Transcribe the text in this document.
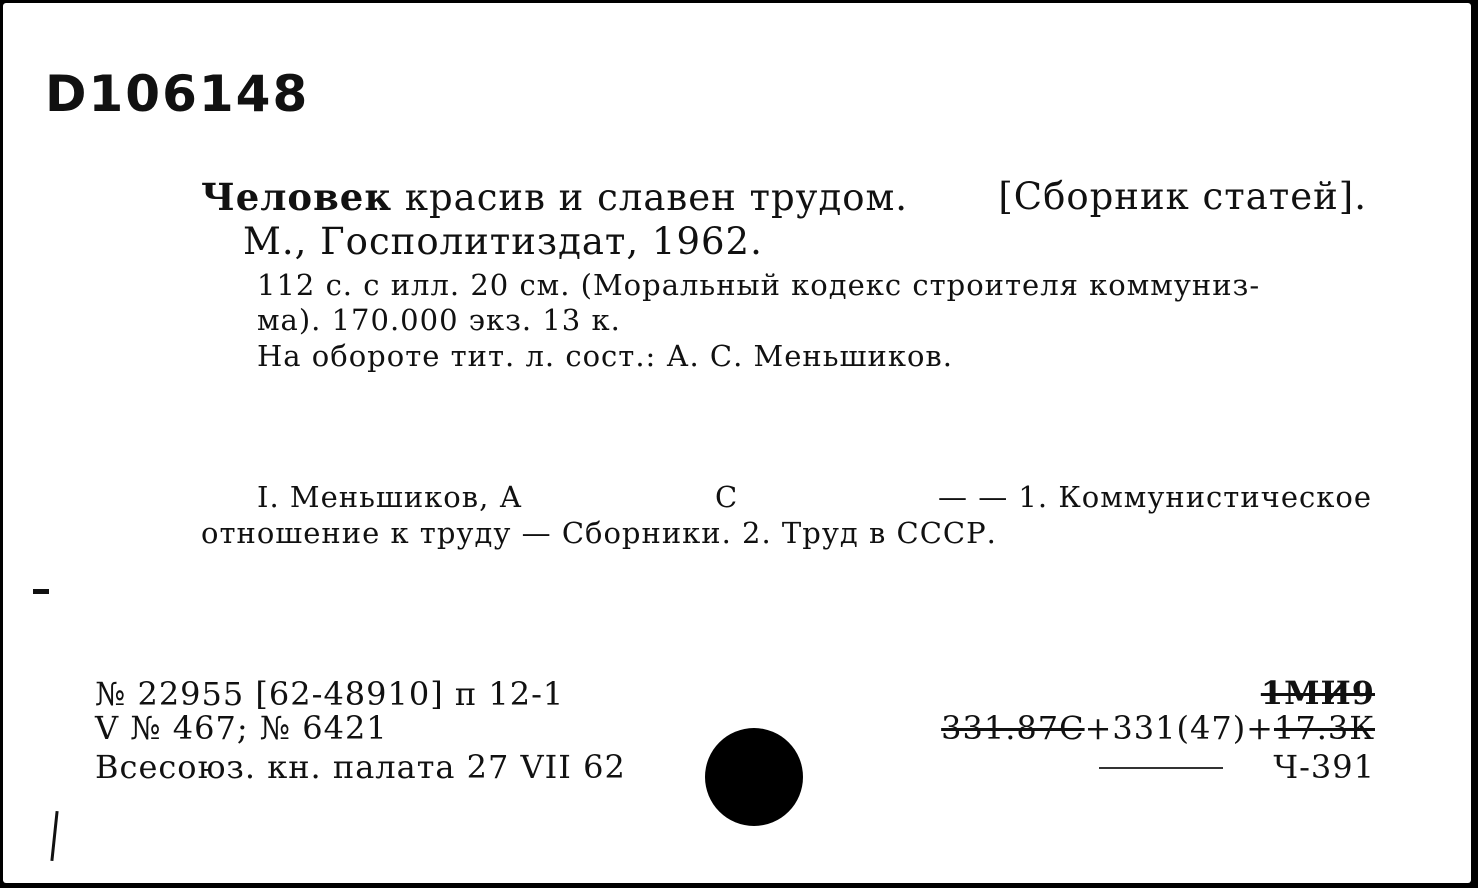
D106148
Человек красив и славен трудом. [Сборник статей].
М., Госполитиздат, 1962.
112 с. с илл. 20 см. (Моральный кодекс строителя коммуниз-
ма). 170.000 экз. 13 к.
На обороте тит. л. сост.: А. С. Меньшиков.
I. Меньшиков, А	С	— — 1. Коммунистическое
отношение к труду — Сборники. 2. Труд в СССР.
№ 22955 [62-48910] п 12-1
V № 467; № 6421
Всесоюз. кн. палата 27 VII 62
1МИ9
331.87С+331(47)+17.3К
Ч-391
